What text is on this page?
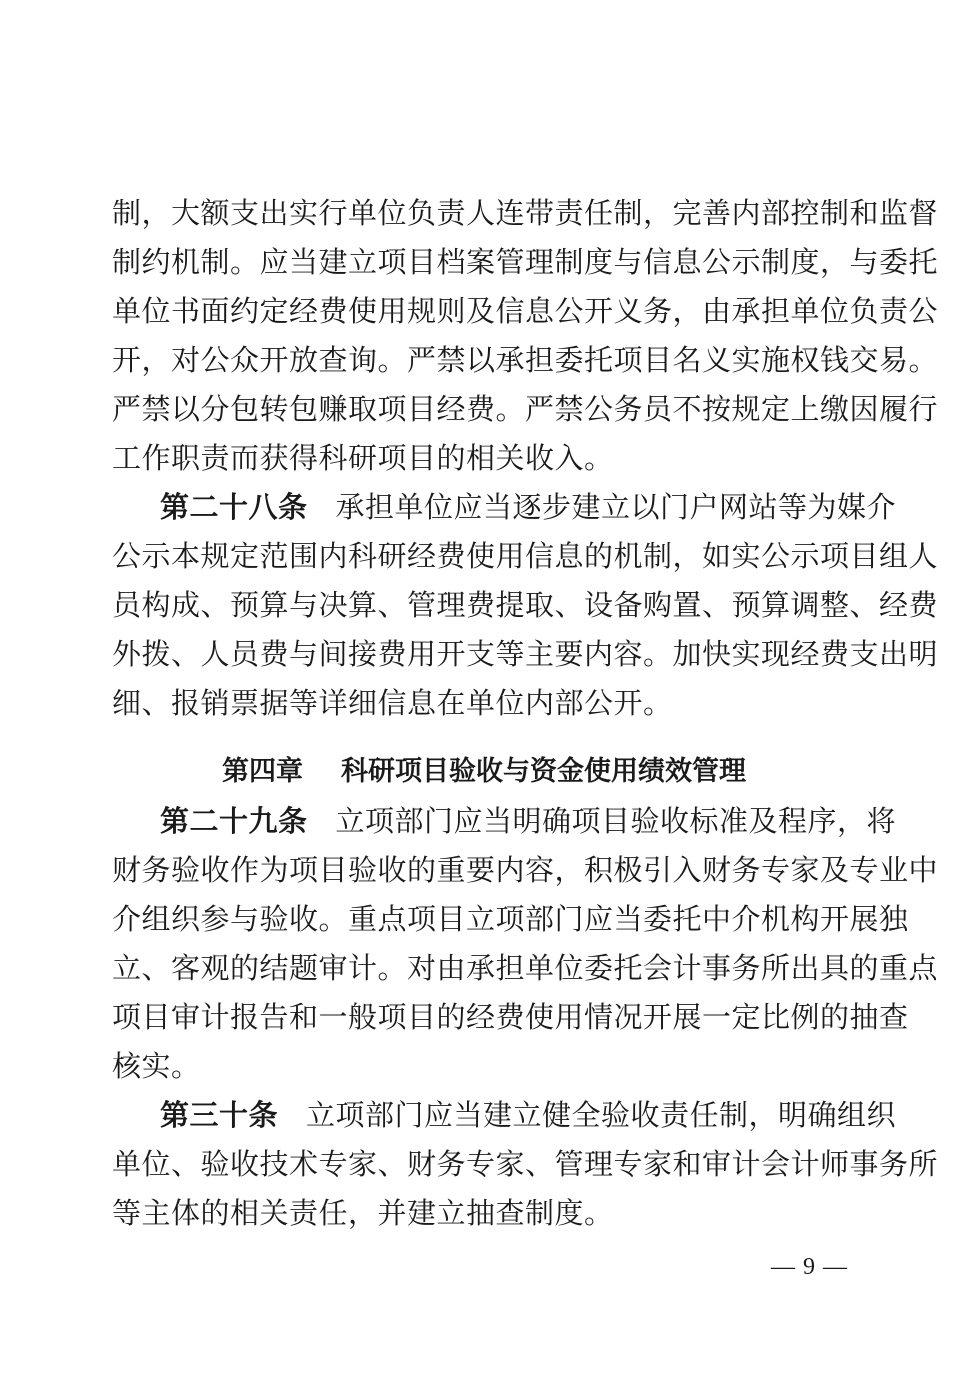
制，大额支出实行单位负责人连带责任制，完善内部控制和监督
制约机制。应当建立项目档案管理制度与信息公示制度，与委托
单位书面约定经费使用规则及信息公开义务，由承担单位负责公
开，对公众开放查询。严禁以承担委托项目名义实施权钱交易。
严禁以分包转包赚取项目经费。严禁公务员不按规定上缴因履行
工作职责而获得科研项目的相关收入。
第二十八条 承担单位应当逐步建立以门户网站等为媒介
公示本规定范围内科研经费使用信息的机制，如实公示项目组人
员构成、预算与决算、管理费提取、设备购置、预算调整、经费
外拨、人员费与间接费用开支等主要内容。加快实现经费支出明
细、报销票据等详细信息在单位内部公开。
第四章 科研项目验收与资金使用绩效管理
第二十九条 立项部门应当明确项目验收标准及程序，将
财务验收作为项目验收的重要内容，积极引入财务专家及专业中
介组织参与验收。重点项目立项部门应当委托中介机构开展独
立、客观的结题审计。对由承担单位委托会计事务所出具的重点
项目审计报告和一般项目的经费使用情况开展一定比例的抽查
核实。
第三十条 立项部门应当建立健全验收责任制，明确组织
单位、验收技术专家、财务专家、管理专家和审计会计师事务所
等主体的相关责任，并建立抽查制度。
— 9 —
